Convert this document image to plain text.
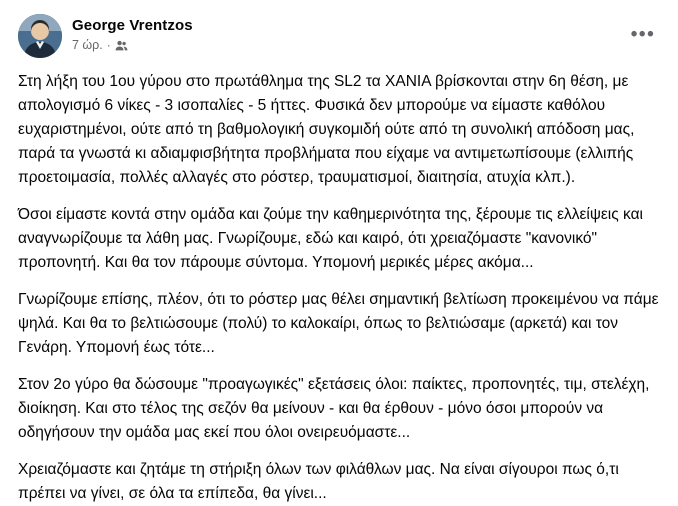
George Vrentzos
7 ώρ. ·
•••

Στη λήξη του 1ου γύρου στο πρωτάθλημα της SL2 τα ΧΑΝΙΑ βρίσκονται στην 6η θέση, με απολογισμό 6 νίκες - 3 ισοπαλίες - 5 ήττες. Φυσικά δεν μπορούμε να είμαστε καθόλου ευχαριστημένοι, ούτε από τη βαθμολογική συγκομιδή ούτε από τη συνολική απόδοση μας, παρά τα γνωστά κι αδιαμφισβήτητα προβλήματα που είχαμε να αντιμετωπίσουμε (ελλιπής προετοιμασία, πολλές αλλαγές στο ρόστερ, τραυματισμοί, διαιτησία, ατυχία κλπ.).

Όσοι είμαστε κοντά στην ομάδα και ζούμε την καθημερινότητα της, ξέρουμε τις ελλείψεις και αναγνωρίζουμε τα λάθη μας. Γνωρίζουμε, εδώ και καιρό, ότι χρειαζόμαστε "κανονικό" προπονητή. Και θα τον πάρουμε σύντομα. Υπομονή μερικές μέρες ακόμα...

Γνωρίζουμε επίσης, πλέον, ότι το ρόστερ μας θέλει σημαντική βελτίωση προκειμένου να πάμε ψηλά. Και θα το βελτιώσουμε (πολύ) το καλοκαίρι, όπως το βελτιώσαμε (αρκετά) και τον Γενάρη. Υπομονή έως τότε...

Στον 2ο γύρο θα δώσουμε "προαγωγικές" εξετάσεις όλοι: παίκτες, προπονητές, τιμ, στελέχη, διοίκηση. Και στο τέλος της σεζόν θα μείνουν - και θα έρθουν - μόνο όσοι μπορούν να οδηγήσουν την ομάδα μας εκεί που όλοι ονειρευόμαστε...

Χρειαζόμαστε και ζητάμε τη στήριξη όλων των φιλάθλων μας. Να είναι σίγουροι πως ό,τι πρέπει να γίνει, σε όλα τα επίπεδα, θα γίνει...
